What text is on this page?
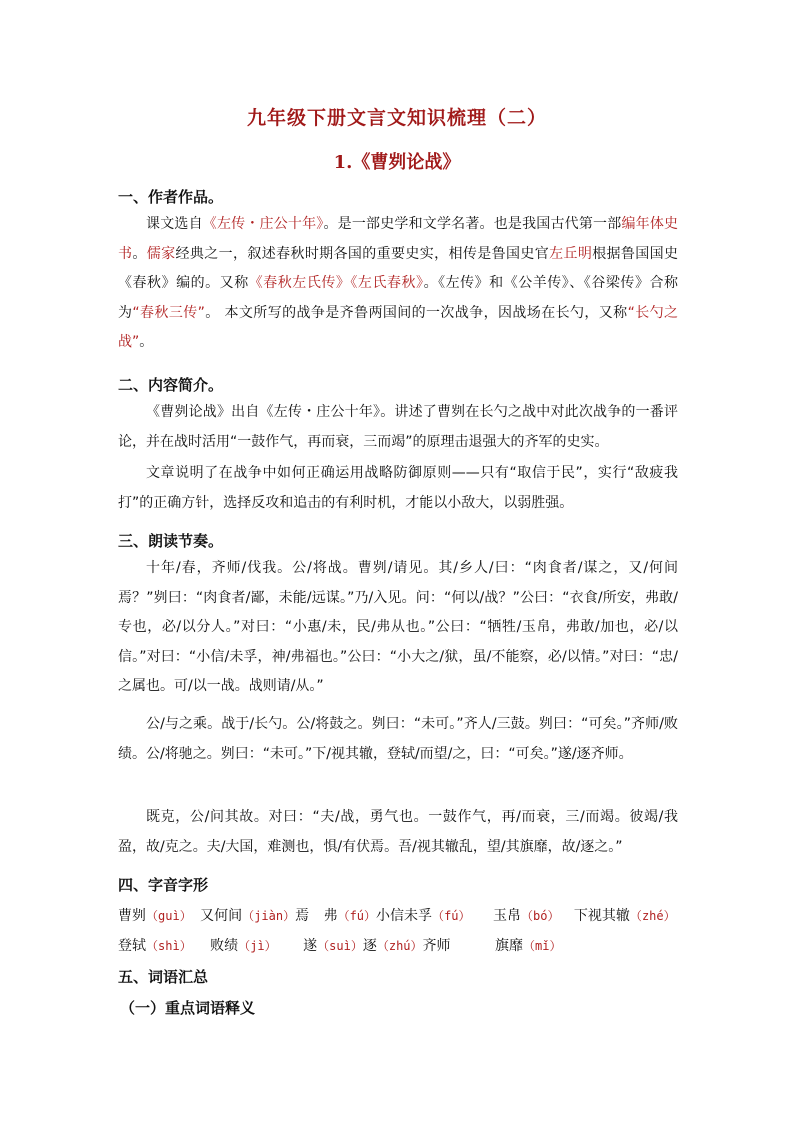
九年级下册文言文知识梳理（二）
1.《曹刿论战》
一、作者作品。

课文选自《左传・庄公十年》。是一部史学和文学名著。也是我国古代第一部编年体史书。儒家经典之一，叙述春秋时期各国的重要史实，相传是鲁国史官左丘明根据鲁国国史《春秋》编的。又称《春秋左氏传》《左氏春秋》。《左传》和《公羊传》、《谷梁传》合称为“春秋三传”。 本文所写的战争是齐鲁两国间的一次战争，因战场在长勺，又称“长勺之战”。

二、内容简介。

《曹刿论战》出自《左传・庄公十年》。讲述了曹刿在长勺之战中对此次战争的一番评论，并在战时活用“一鼓作气，再而衰，三而竭”的原理击退强大的齐军的史实。

文章说明了在战争中如何正确运用战略防御原则——只有“取信于民”，实行“敌疲我打”的正确方针，选择反攻和追击的有利时机，才能以小敌大，以弱胜强。

三、朗读节奏。

十年/春，齐师/伐我。公/将战。曹刿/请见。其/乡人/曰：“肉食者/谋之，又/何间焉？”刿曰：“肉食者/鄙，未能/远谋。”乃/入见。问：“何以/战？”公曰：“衣食/所安，弗敢/专也，必/以分人。”对曰：“小惠/未，民/弗从也。”公曰：“牺牲/玉帛，弗敢/加也，必/以信。”对曰：“小信/未孚，神/弗福也。”公曰：“小大之/狱，虽/不能察，必/以情。”对曰：“忠/之属也。可/以一战。战则请/从。”

公/与之乘。战于/长勺。公/将鼓之。刿曰：“未可。”齐人/三鼓。刿曰：“可矣。”齐师/败绩。公/将驰之。刿曰：“未可。”下/视其辙，登轼/而望/之，曰：“可矣。”遂/逐齐师。

既克，公/问其故。对曰：“夫/战，勇气也。一鼓作气，再/而衰，三/而竭。彼竭/我盈，故/克之。夫/大国，难测也，惧/有伏焉。吾/视其辙乱，望/其旗靡，故/逐之。”

四、字音字形
曹刿（guì） 又何间（jiàn）焉 弗（fú）小信未孚（fú） 玉帛（bó） 下视其辙（zhé）
登轼（shì） 败绩（jì） 遂（suì）逐（zhú）齐师	旗靡（mǐ）
五、词语汇总
（一）重点词语释义
